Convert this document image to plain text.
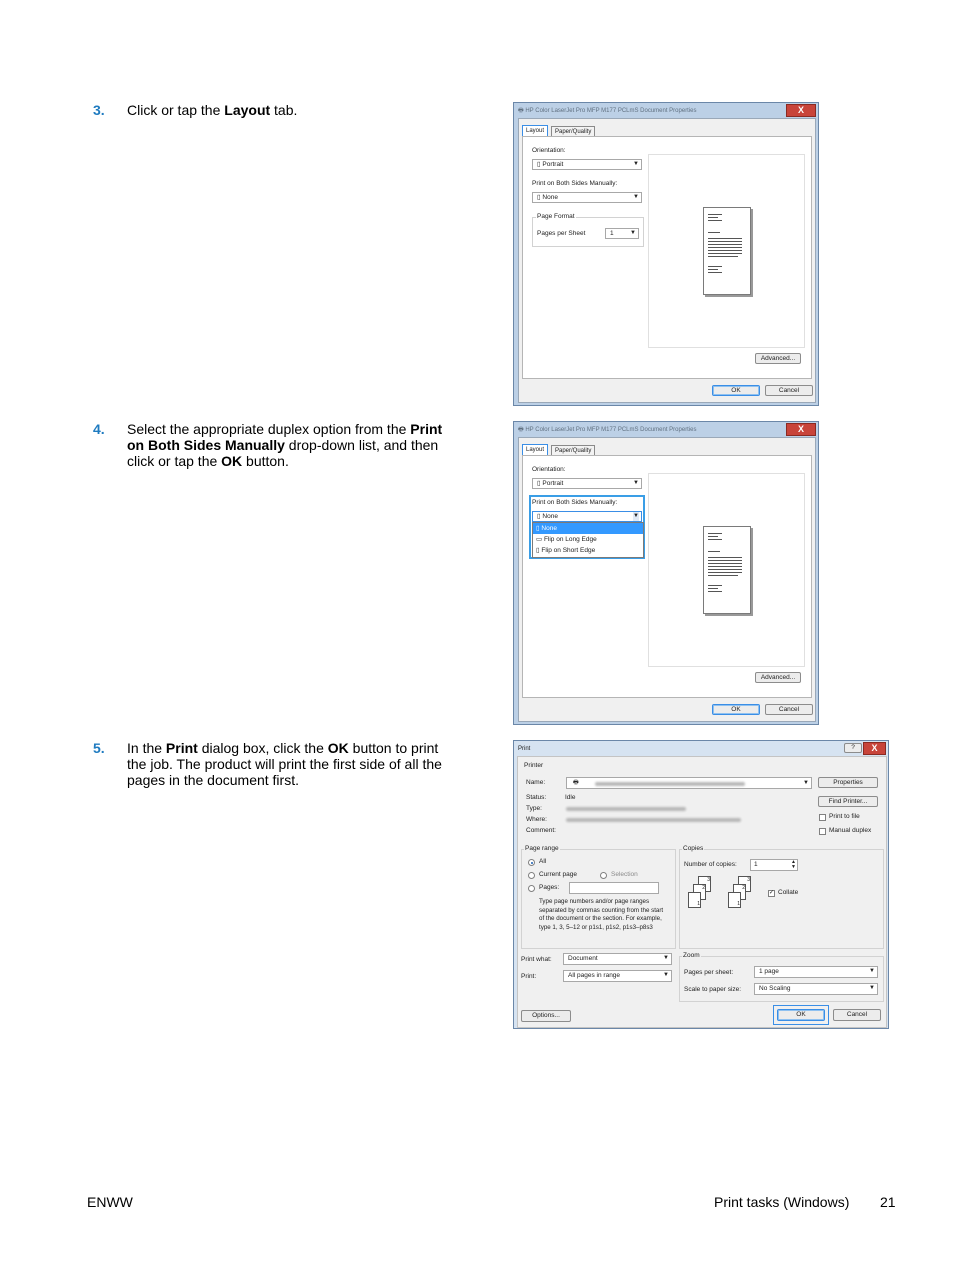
3. Click or tap the Layout tab.
4. Select the appropriate duplex option from the Print on Both Sides Manually drop-down list, and then click or tap the OK button.
5. In the Print dialog box, click the OK button to print the job. The product will print the first side of all the pages in the document first.
🖶 HP Color LaserJet Pro MFP M177 PCLmS Document Properties	X
Layout	Paper/Quality
Orientation:
▯ Portrait	▼
Print on Both Sides Manually:
▯ None	▼
Page Format
Pages per Sheet	1	▼
Advanced...
OK	Cancel
🖶 HP Color LaserJet Pro MFP M177 PCLmS Document Properties	X
Layout	Paper/Quality
Orientation:
▯ Portrait	▼
Print on Both Sides Manually:
▯ None	▼
▯ None
▭ Flip on Long Edge
▯ Flip on Short Edge
Advanced...
OK	Cancel
Print	?	X
Printer
Name:	🖶	▼	Properties
Status:	Idle
Type:
Where:
Comment:
Find Printer...
Print to file
Manual duplex
Page range
All
Current page	Selection
Pages:
Type page numbers and/or page ranges separated by commas counting from the start of the document or the section. For example, type 1, 3, 5–12 or p1s1, p1s2, p1s3–p8s3
Copies
Number of copies:	1	▲
▼
3
2
1
3
2
1
✓ Collate
Print what:	Document	▼
Print:	All pages in range	▼
Zoom
Pages per sheet:	1 page	▼
Scale to paper size:	No Scaling	▼
Options...	OK	Cancel
ENWW	Print tasks (Windows) 21
